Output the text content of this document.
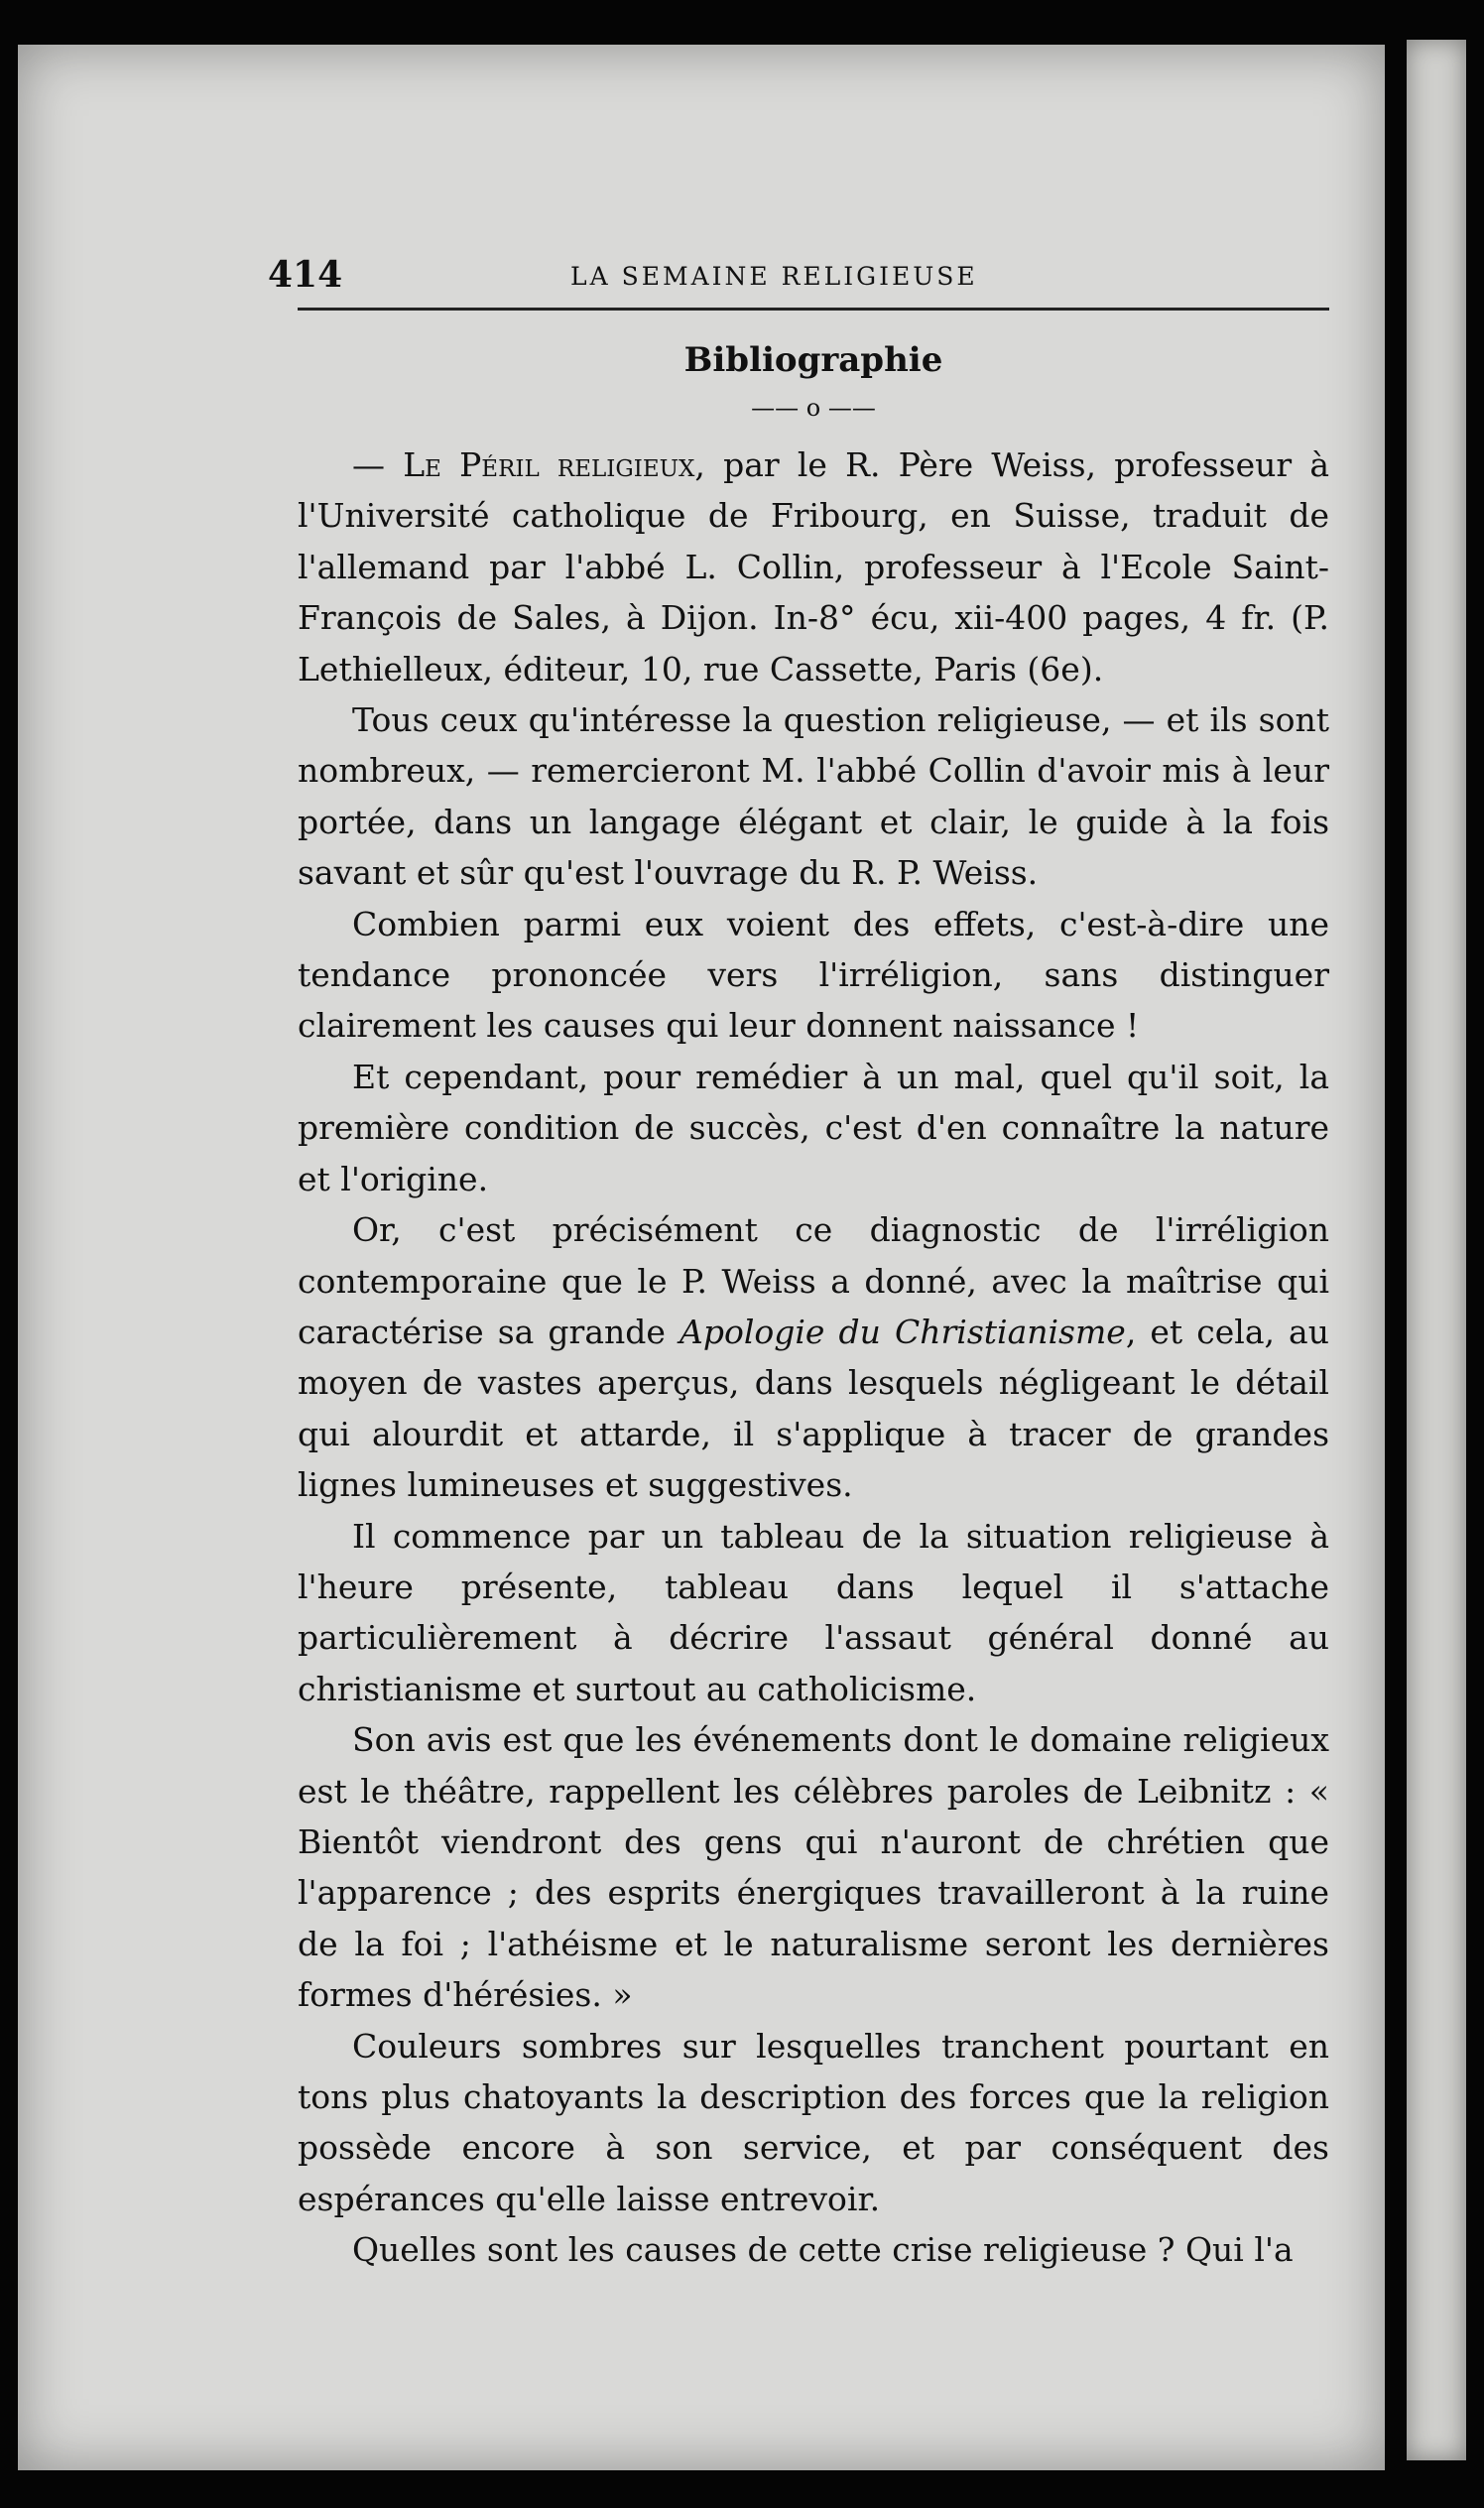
414	LA SEMAINE RELIGIEUSE
Bibliographie
—— o ——

— Le Péril religieux, par le R. Père Weiss, professeur à l'Université catholique de Fribourg, en Suisse, traduit de l'allemand par l'abbé L. Collin, professeur à l'Ecole Saint-François de Sales, à Dijon. In-8° écu, xii-400 pages, 4 fr. (P. Lethielleux, éditeur, 10, rue Cassette, Paris (6e).

Tous ceux qu'intéresse la question religieuse, — et ils sont nombreux, — remercieront M. l'abbé Collin d'avoir mis à leur portée, dans un langage élégant et clair, le guide à la fois savant et sûr qu'est l'ouvrage du R. P. Weiss.

Combien parmi eux voient des effets, c'est-à-dire une tendance prononcée vers l'irréligion, sans distinguer clairement les causes qui leur donnent naissance !

Et cependant, pour remédier à un mal, quel qu'il soit, la première condition de succès, c'est d'en connaître la nature et l'origine.

Or, c'est précisément ce diagnostic de l'irréligion contemporaine que le P. Weiss a donné, avec la maîtrise qui caractérise sa grande Apologie du Christianisme, et cela, au moyen de vastes aperçus, dans lesquels négligeant le détail qui alourdit et attarde, il s'applique à tracer de grandes lignes lumineuses et suggestives.

Il commence par un tableau de la situation religieuse à l'heure présente, tableau dans lequel il s'attache particulièrement à décrire l'assaut général donné au christianisme et surtout au catholicisme.

Son avis est que les événements dont le domaine religieux est le théâtre, rappellent les célèbres paroles de Leibnitz : « Bientôt viendront des gens qui n'auront de chrétien que l'apparence ; des esprits énergiques travailleront à la ruine de la foi ; l'athéisme et le naturalisme seront les dernières formes d'hérésies. »

Couleurs sombres sur lesquelles tranchent pourtant en tons plus chatoyants la description des forces que la religion possède encore à son service, et par conséquent des espérances qu'elle laisse entrevoir.

Quelles sont les causes de cette crise religieuse ? Qui l'a
